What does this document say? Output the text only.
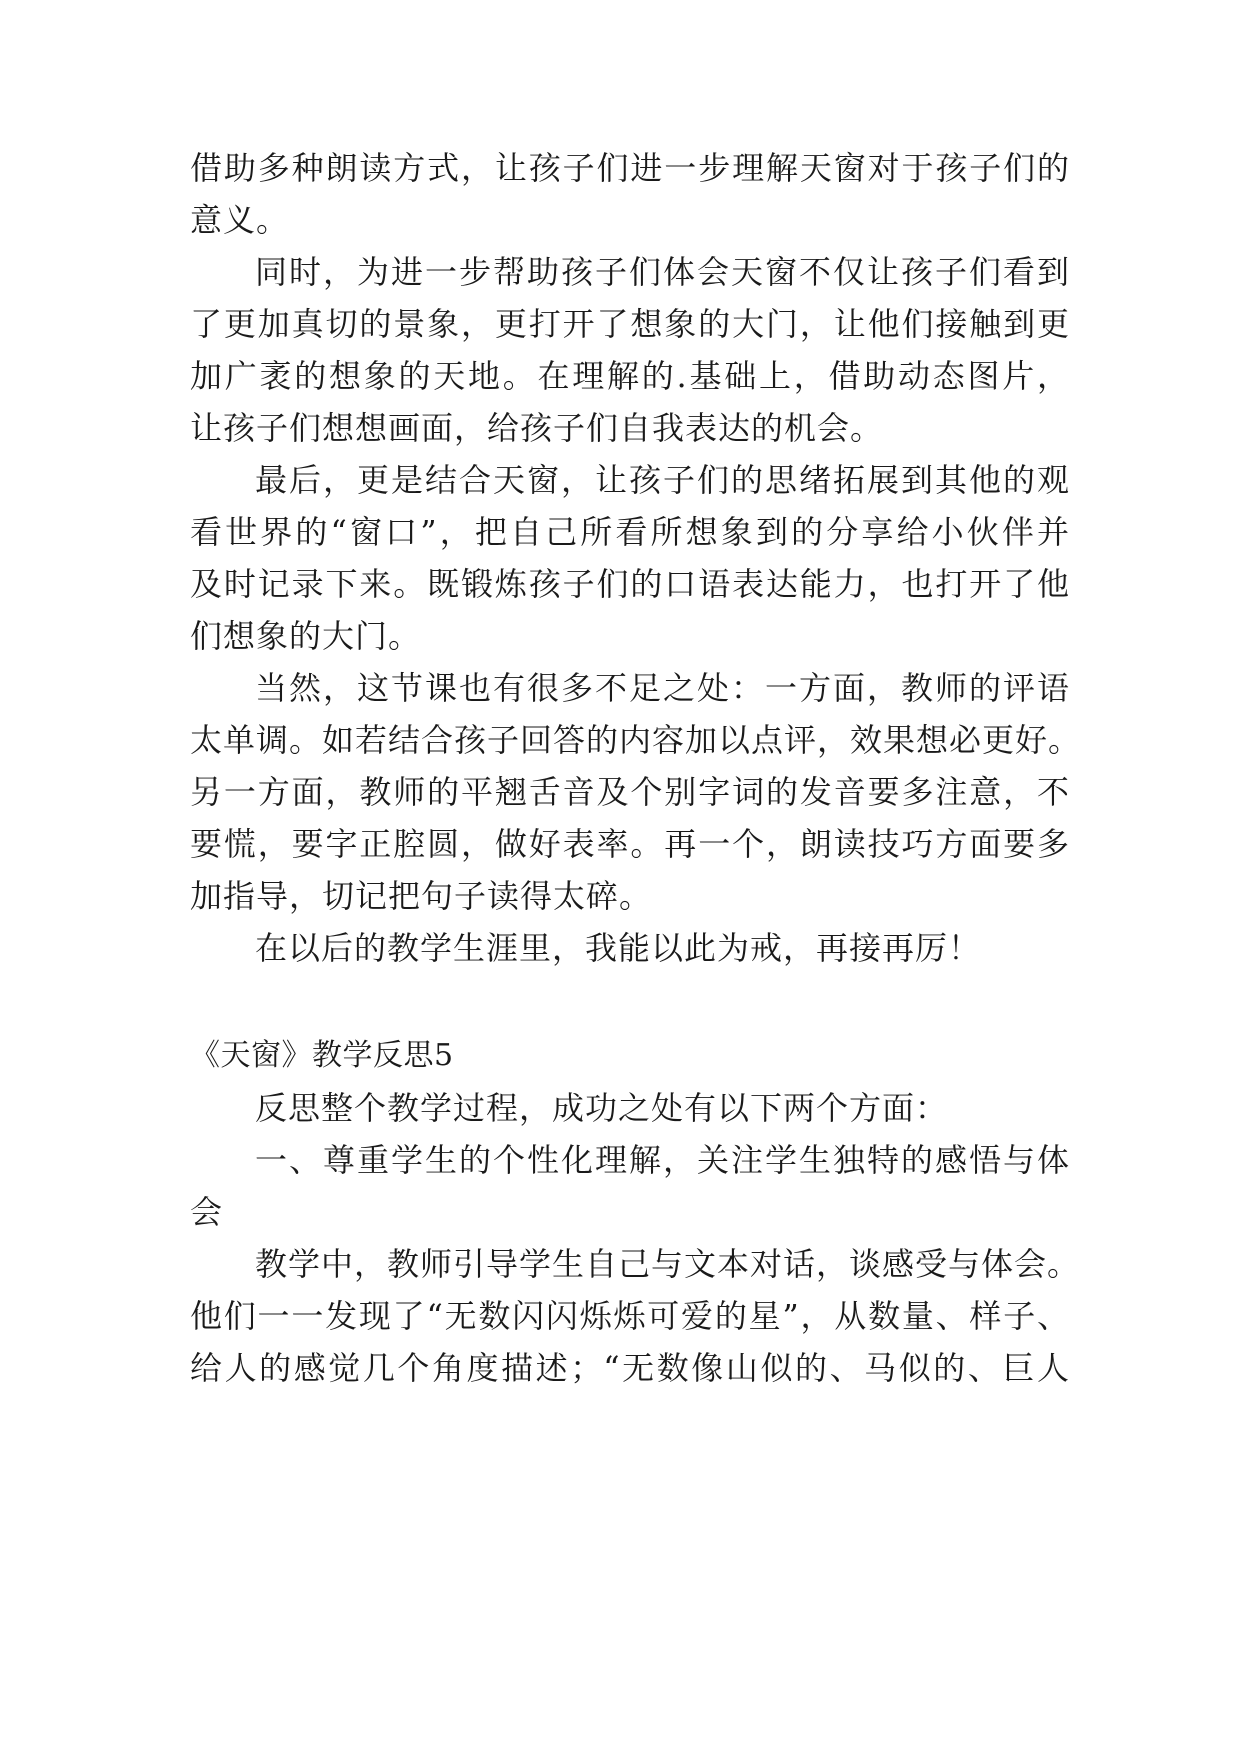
借助多种朗读方式，让孩子们进一步理解天窗对于孩子们的
意义。
同时，为进一步帮助孩子们体会天窗不仅让孩子们看到
了更加真切的景象，更打开了想象的大门，让他们接触到更
加广袤的想象的天地。在理解的.基础上，借助动态图片，
让孩子们想想画面，给孩子们自我表达的机会。
最后，更是结合天窗，让孩子们的思绪拓展到其他的观
看世界的“窗口”，把自己所看所想象到的分享给小伙伴并
及时记录下来。既锻炼孩子们的口语表达能力，也打开了他
们想象的大门。
当然，这节课也有很多不足之处：一方面，教师的评语
太单调。如若结合孩子回答的内容加以点评，效果想必更好。
另一方面，教师的平翘舌音及个别字词的发音要多注意，不
要慌，要字正腔圆，做好表率。再一个，朗读技巧方面要多
加指导，切记把句子读得太碎。
在以后的教学生涯里，我能以此为戒，再接再厉！
《天窗》教学反思5
反思整个教学过程，成功之处有以下两个方面：
一、尊重学生的个性化理解，关注学生独特的感悟与体
会
教学中，教师引导学生自己与文本对话，谈感受与体会。
他们一一发现了“无数闪闪烁烁可爱的星”，从数量、样子、
给人的感觉几个角度描述；“无数像山似的、马似的、巨人
